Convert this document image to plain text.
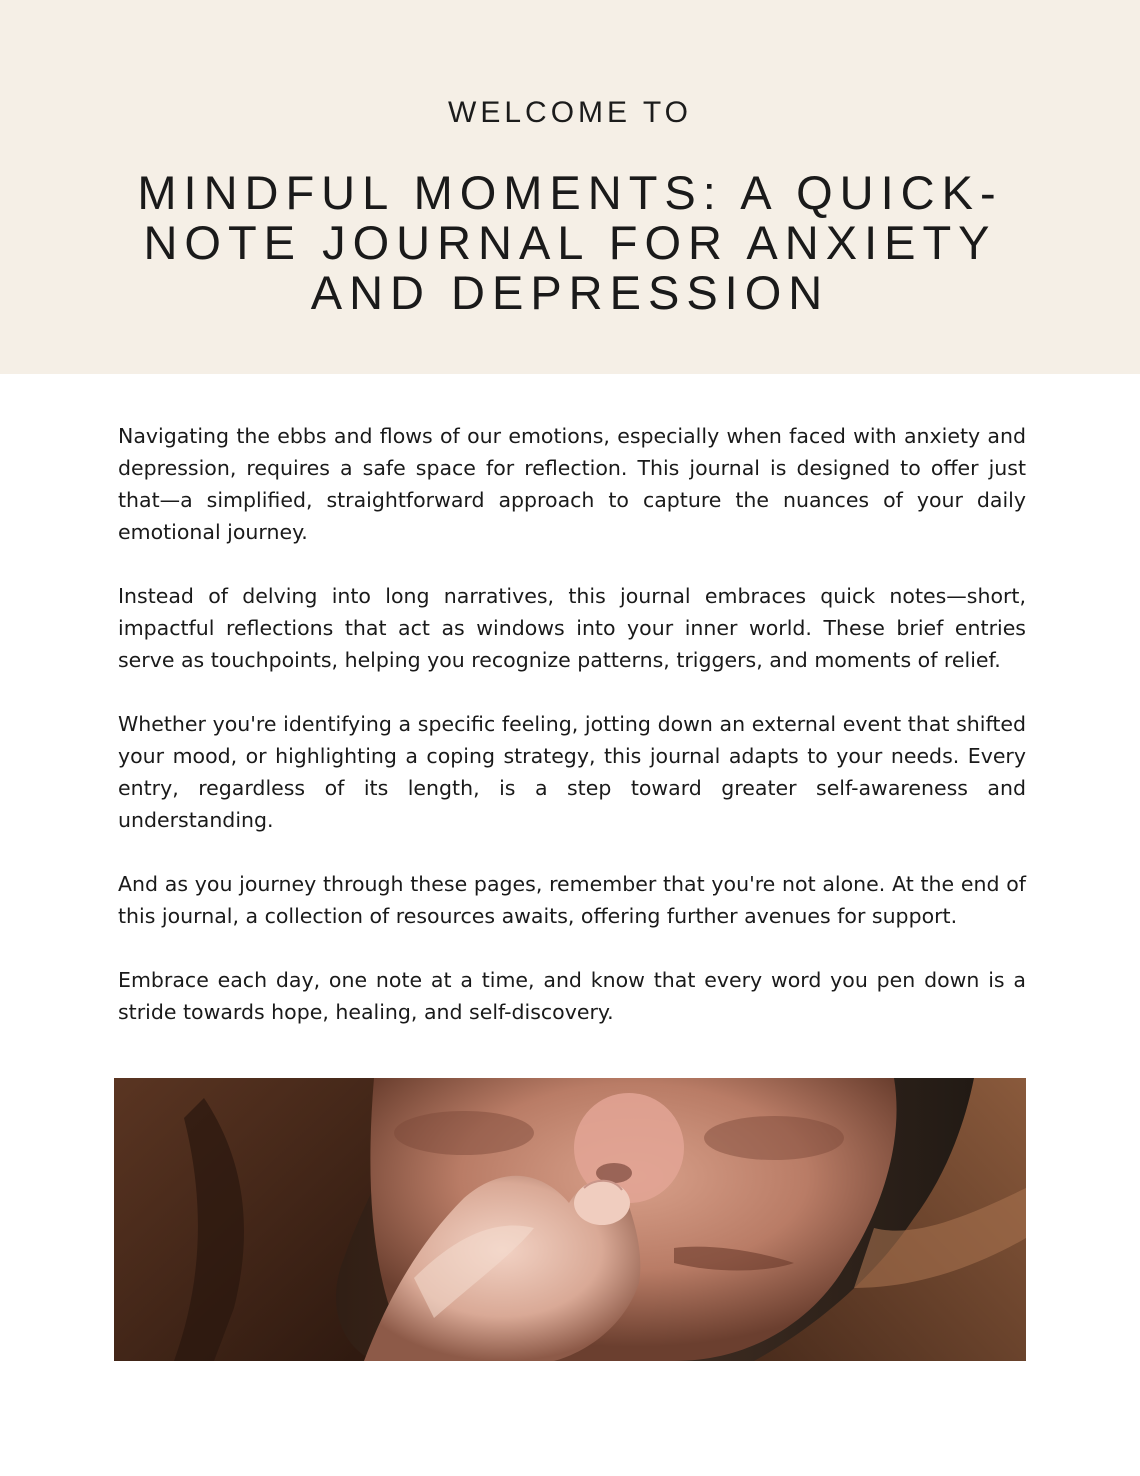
WELCOME TO
MINDFUL MOMENTS: A QUICK-NOTE JOURNAL FOR ANXIETY AND DEPRESSION

Navigating the ebbs and flows of our emotions, especially when faced with anxiety and depression, requires a safe space for reflection. This journal is designed to offer just that—a simplified, straightforward approach to capture the nuances of your daily emotional journey.

Instead of delving into long narratives, this journal embraces quick notes—short, impactful reflections that act as windows into your inner world. These brief entries serve as touchpoints, helping you recognize patterns, triggers, and moments of relief.

Whether you're identifying a specific feeling, jotting down an external event that shifted your mood, or highlighting a coping strategy, this journal adapts to your needs. Every entry, regardless of its length, is a step toward greater self-awareness and understanding.

And as you journey through these pages, remember that you're not alone. At the end of this journal, a collection of resources awaits, offering further avenues for support.

Embrace each day, one note at a time, and know that every word you pen down is a stride towards hope, healing, and self-discovery.
